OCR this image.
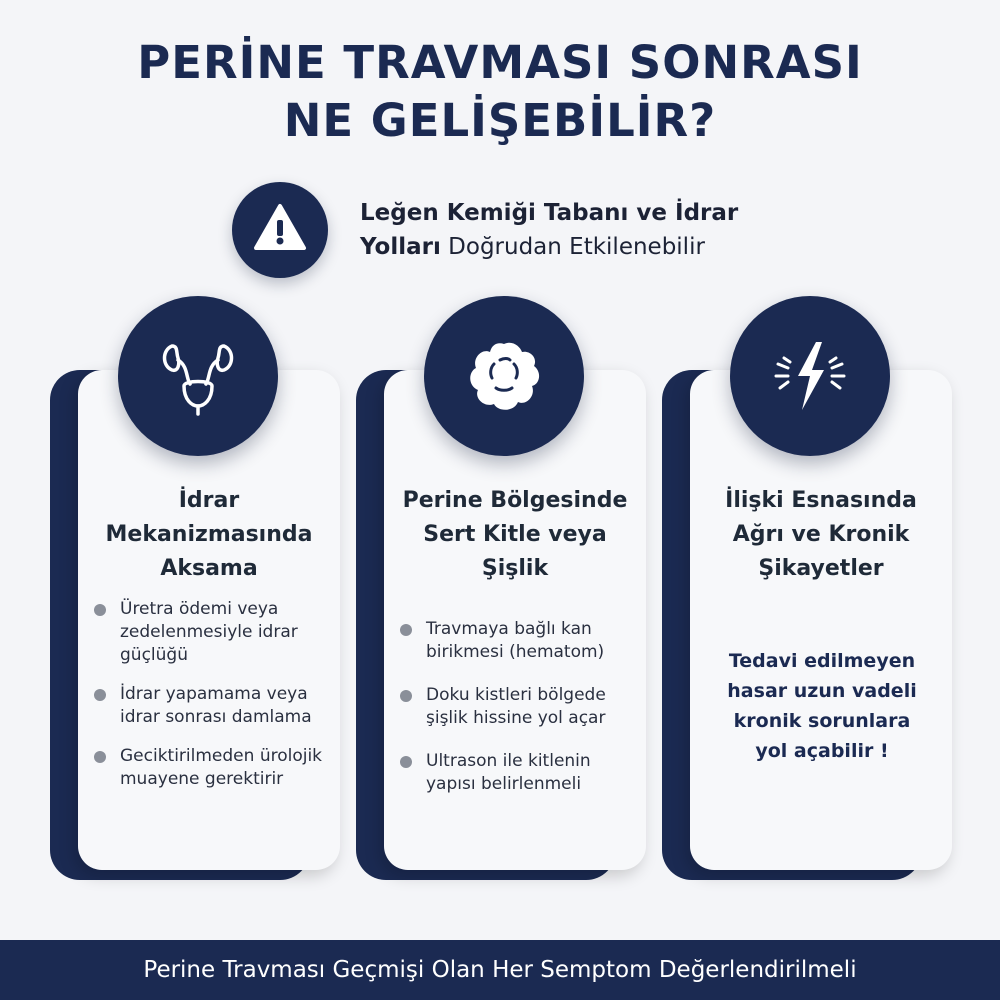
PERİNE TRAVMASI SONRASI
NE GELİŞEBİLİR?
Leğen Kemiği Tabanı ve İdrar
Yolları Doğrudan Etkilenebilir
İdrar
Mekanizmasında
Aksama
Üretra ödemi veya zedelenmesiyle idrar güçlüğü
İdrar yapamama veya idrar sonrası damlama
Geciktirilmeden ürolojik muayene gerektirir
Perine Bölgesinde
Sert Kitle veya
Şişlik
Travmaya bağlı kan birikmesi (hematom)
Doku kistleri bölgede şişlik hissine yol açar
Ultrason ile kitlenin yapısı belirlenmeli
İlişki Esnasında
Ağrı ve Kronik
Şikayetler
Tedavi edilmeyen
hasar uzun vadeli
kronik sorunlara
yol açabilir !
Perine Travması Geçmişi Olan Her Semptom Değerlendirilmeli
